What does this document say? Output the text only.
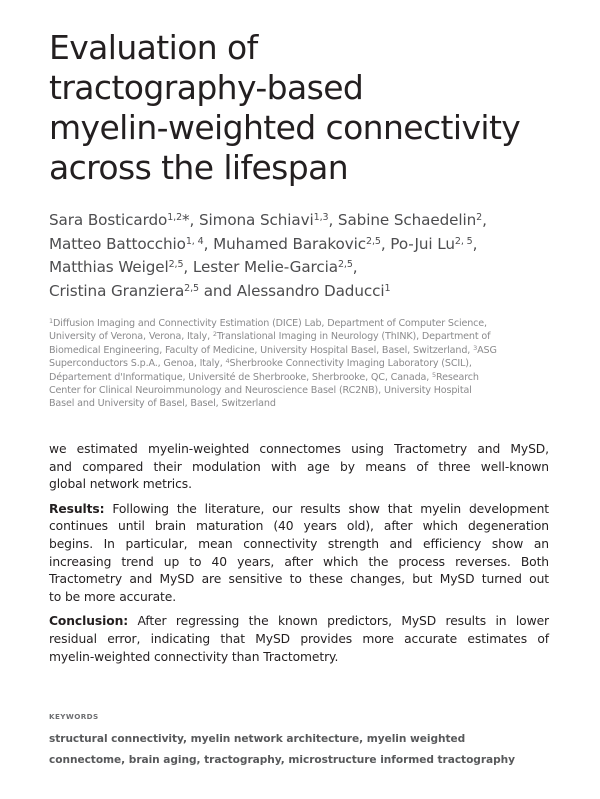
Evaluation of
tractography-based
myelin-weighted connectivity
across the lifespan
Sara Bosticardo$^{1,2}$*, Simona Schiavi$^{1,3}$, Sabine Schaedelin$^2$,
Matteo Battocchio$^{1, 4}$, Muhamed Barakovic$^{2,5}$, Po-Jui Lu$^{2, 5}$,
Matthias Weigel$^{2,5}$, Lester Melie-Garcia$^{2,5}$,
Cristina Granziera$^{2,5}$ and Alessandro Daducci$^1$
$^1$Diffusion Imaging and Connectivity Estimation (DICE) Lab, Department of Computer Science,
University of Verona, Verona, Italy, $^2$Translational Imaging in Neurology (ThINK), Department of
Biomedical Engineering, Faculty of Medicine, University Hospital Basel, Basel, Switzerland, $^3$ASG
Superconductors S.p.A., Genoa, Italy, $^4$Sherbrooke Connectivity Imaging Laboratory (SCIL),
Département d'Informatique, Université de Sherbrooke, Sherbrooke, QC, Canada, $^5$Research
Center for Clinical Neuroimmunology and Neuroscience Basel (RC2NB), University Hospital
Basel and University of Basel, Basel, Switzerland
we estimated myelin-weighted connectomes using Tractometry and MySD,
and compared their modulation with age by means of three well-known
global network metrics.
Results: Following the literature, our results show that myelin development
continues until brain maturation (40 years old), after which degeneration
begins. In particular, mean connectivity strength and efficiency show an
increasing trend up to 40 years, after which the process reverses. Both
Tractometry and MySD are sensitive to these changes, but MySD turned out
to be more accurate.
Conclusion: After regressing the known predictors, MySD results in lower
residual error, indicating that MySD provides more accurate estimates of
myelin-weighted connectivity than Tractometry.
KEYWORDS
structural connectivity, myelin network architecture, myelin weighted
connectome, brain aging, tractography, microstructure informed tractography
